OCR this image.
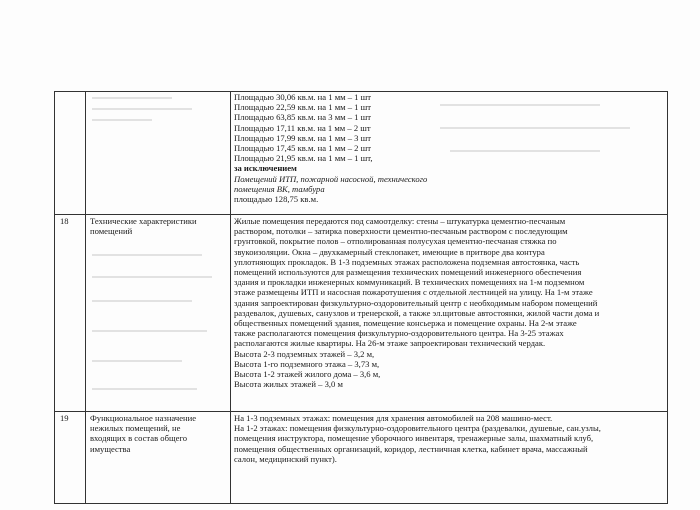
Площадью 30,06 кв.м. на 1 мм – 1 шт
Площадью 22,59 кв.м. на 1 мм – 1 шт
Площадью 63,85 кв.м. на 3 мм – 1 шт
Площадью 17,11 кв.м. на 1 мм – 2 шт
Площадью 17,99 кв.м. на 1 мм – 3 шт
Площадью 17,45 кв.м. на 1 мм – 2 шт
Площадью 21,95 кв.м. на 1 мм – 1 шт,
за исключением
Помещений ИТП, пожарной насосной, технического
помещения ВК, тамбура
площадью 128,75 кв.м.
18 Технические характеристики
помещений
Жилые помещения передаются под самоотделку: стены – штукатурка цементно-песчаным
раствором, потолки – затирка поверхности цементно-песчаным раствором с последующим
грунтовкой, покрытие полов – отполированная полусухая цементно-песчаная стяжка по
звукоизоляции. Окна – двухкамерный стеклопакет, имеющие в притворе два контура
уплотняющих прокладок. В 1-3 подземных этажах расположена подземная автостоянка, часть
помещений используются для размещения технических помещений инженерного обеспечения
здания и прокладки инженерных коммуникаций. В технических помещениях на 1-м подземном
этаже размещены ИТП и насосная пожаротушения с отдельной лестницей на улицу. На 1-м этаже
здания запроектирован физкультурно-оздоровительный центр с необходимым набором помещений
раздевалок, душевых, санузлов и тренерской, а также эл.щитовые автостоянки, жилой части дома и
общественных помещений здания, помещение консьержа и помещение охраны. На 2-м этаже
также располагаются помещения физкультурно-оздоровительного центра. На 3-25 этажах
располагаются жилые квартиры. На 26-м этаже запроектирован технический чердак.
Высота 2-3 подземных этажей – 3,2 м,
Высота 1-го подземного этажа – 3,73 м,
Высота 1-2 этажей жилого дома – 3,6 м,
Высота жилых этажей – 3,0 м
19 Функциональное назначение
нежилых помещений, не
входящих в состав общего
имущества
На 1-3 подземных этажах: помещения для хранения автомобилей на 208 машино-мест.
На 1-2 этажах: помещения физкультурно-оздоровительного центра (раздевалки, душевые, сан.узлы,
помещения инструктора, помещение уборочного инвентаря, тренажерные залы, шахматный клуб,
помещения общественных организаций, коридор, лестничная клетка, кабинет врача, массажный
салон, медицинский пункт).
